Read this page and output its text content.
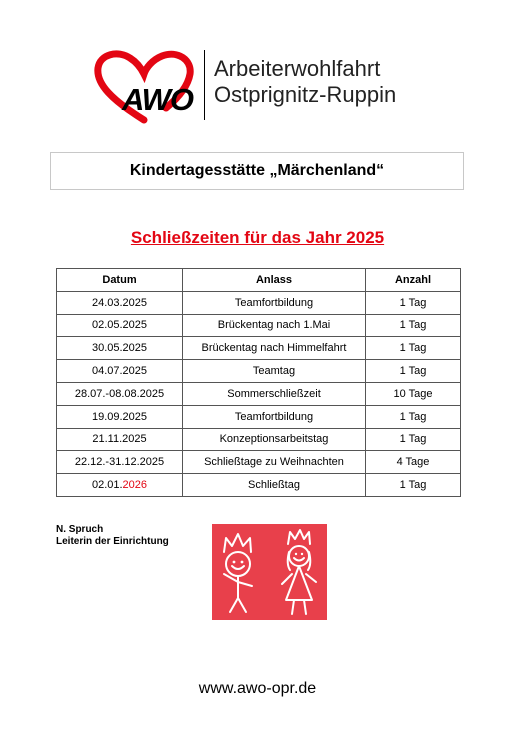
AWO
Arbeiterwohlfahrt
Ostprignitz-Ruppin
Kindertagesstätte „Märchenland“
Schließzeiten für das Jahr 2025
Datum	Anlass	Anzahl
24.03.2025	Teamfortbildung	1 Tag
02.05.2025	Brückentag nach 1.Mai	1 Tag
30.05.2025	Brückentag nach Himmelfahrt	1 Tag
04.07.2025	Teamtag	1 Tag
28.07.-08.08.2025	Sommerschließzeit	10 Tage
19.09.2025	Teamfortbildung	1 Tag
21.11.2025	Konzeptionsarbeitstag	1 Tag
22.12.-31.12.2025	Schließtage zu Weihnachten	4 Tage
02.01.2026	Schließtag	1 Tag
N. Spruch
Leiterin der Einrichtung
www.awo-opr.de
